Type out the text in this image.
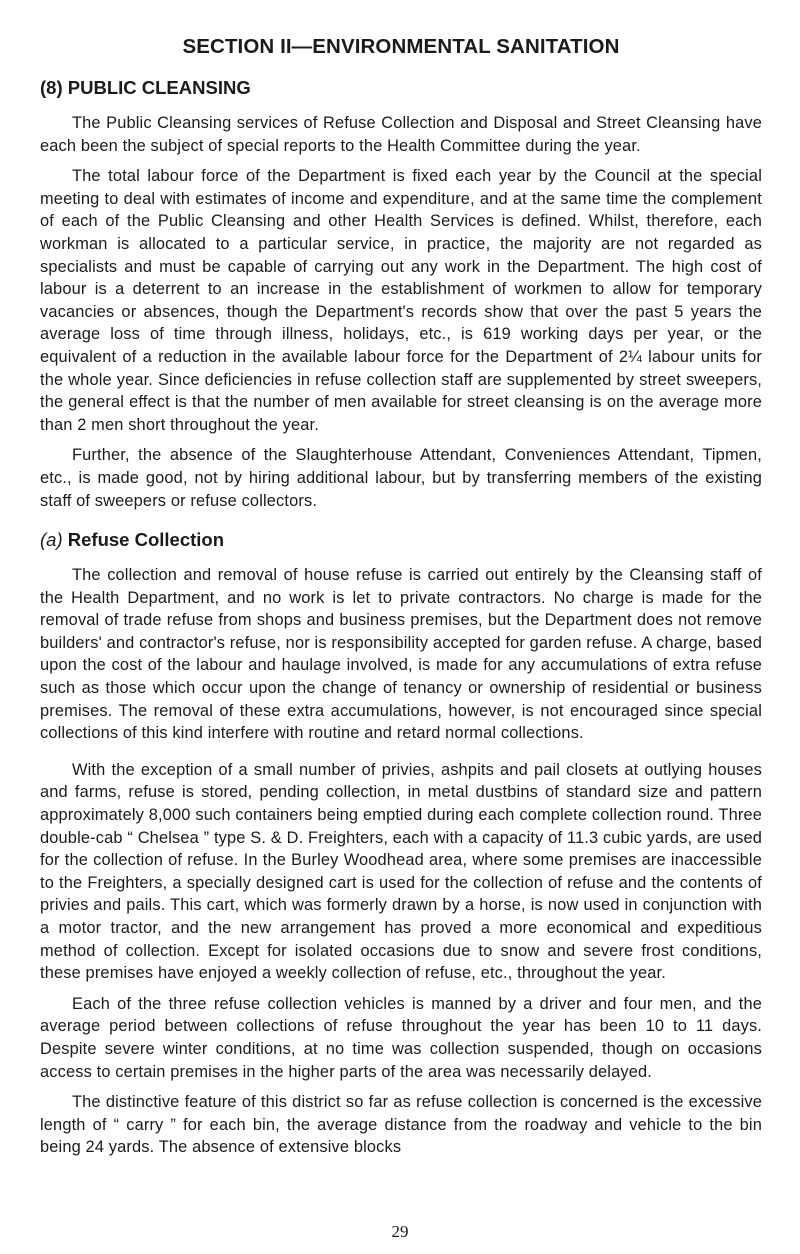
SECTION II—ENVIRONMENTAL SANITATION
(8) PUBLIC CLEANSING

The Public Cleansing services of Refuse Collection and Disposal and Street Cleansing have each been the subject of special reports to the Health Committee during the year.

The total labour force of the Department is fixed each year by the Council at the special meeting to deal with estimates of income and expenditure, and at the same time the complement of each of the Public Cleansing and other Health Services is defined. Whilst, therefore, each workman is allocated to a particular service, in practice, the majority are not regarded as specialists and must be capable of carrying out any work in the Department. The high cost of labour is a deterrent to an increase in the establishment of workmen to allow for temporary vacancies or absences, though the Department's records show that over the past 5 years the average loss of time through illness, holidays, etc., is 619 working days per year, or the equivalent of a reduction in the available labour force for the Department of 2¼ labour units for the whole year. Since deficiencies in refuse collection staff are supplemented by street sweepers, the general effect is that the number of men available for street cleansing is on the average more than 2 men short throughout the year.

Further, the absence of the Slaughterhouse Attendant, Conveniences Attendant, Tipmen, etc., is made good, not by hiring additional labour, but by transferring members of the existing staff of sweepers or refuse collectors.

(a) Refuse Collection

The collection and removal of house refuse is carried out entirely by the Cleansing staff of the Health Department, and no work is let to private contractors. No charge is made for the removal of trade refuse from shops and business premises, but the Department does not remove builders' and contractor's refuse, nor is responsibility accepted for garden refuse. A charge, based upon the cost of the labour and haulage involved, is made for any accumulations of extra refuse such as those which occur upon the change of tenancy or ownership of residential or business premises. The removal of these extra accumulations, however, is not encouraged since special collections of this kind interfere with routine and retard normal collections.

With the exception of a small number of privies, ashpits and pail closets at outlying houses and farms, refuse is stored, pending collection, in metal dustbins of standard size and pattern approximately 8,000 such containers being emptied during each complete collection round. Three double-cab “ Chelsea ” type S. & D. Freighters, each with a capacity of 11.3 cubic yards, are used for the collection of refuse. In the Burley Woodhead area, where some premises are inaccessible to the Freighters, a specially designed cart is used for the collection of refuse and the contents of privies and pails. This cart, which was formerly drawn by a horse, is now used in conjunction with a motor tractor, and the new arrangement has proved a more economical and expeditious method of collection. Except for isolated occasions due to snow and severe frost conditions, these premises have enjoyed a weekly collection of refuse, etc., throughout the year.

Each of the three refuse collection vehicles is manned by a driver and four men, and the average period between collections of refuse throughout the year has been 10 to 11 days. Despite severe winter conditions, at no time was collection suspended, though on occasions access to certain premises in the higher parts of the area was necessarily delayed.

The distinctive feature of this district so far as refuse collection is concerned is the excessive length of “ carry ” for each bin, the average distance from the roadway and vehicle to the bin being 24 yards. The absence of extensive blocks

29
